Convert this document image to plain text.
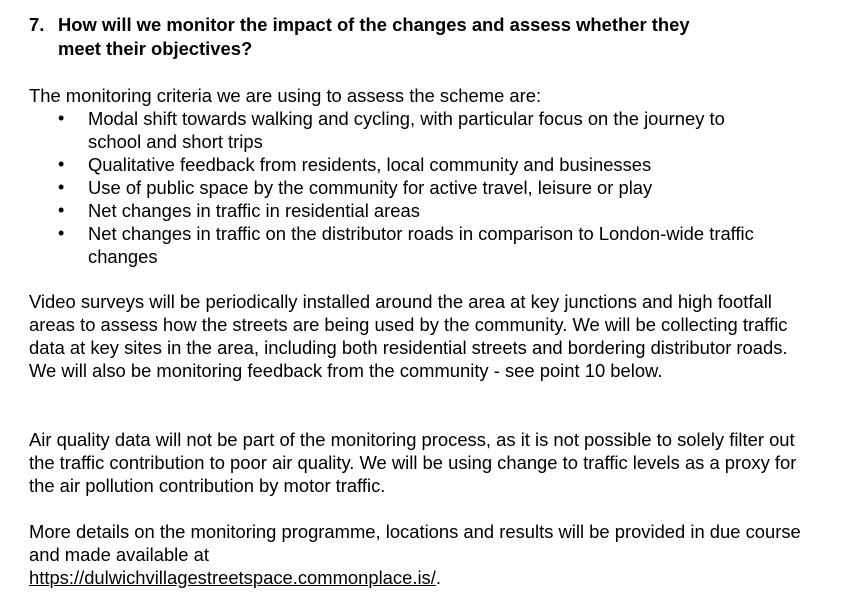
7. How will we monitor the impact of the changes and assess whether they
meet their objectives?
The monitoring criteria we are using to assess the scheme are:
• Modal shift towards walking and cycling, with particular focus on the journey to school and short trips
• Qualitative feedback from residents, local community and businesses
• Use of public space by the community for active travel, leisure or play
• Net changes in traffic in residential areas
• Net changes in traffic on the distributor roads in comparison to London-wide traffic changes
Video surveys will be periodically installed around the area at key junctions and high footfall areas to assess how the streets are being used by the community. We will be collecting traffic data at key sites in the area, including both residential streets and bordering distributor roads. We will also be monitoring feedback from the community - see point 10 below.
Air quality data will not be part of the monitoring process, as it is not possible to solely filter out the traffic contribution to poor air quality. We will be using change to traffic levels as a proxy for the air pollution contribution by motor traffic.
More details on the monitoring programme, locations and results will be provided in due course and made available at
https://dulwichvillagestreetspace.commonplace.is/.
